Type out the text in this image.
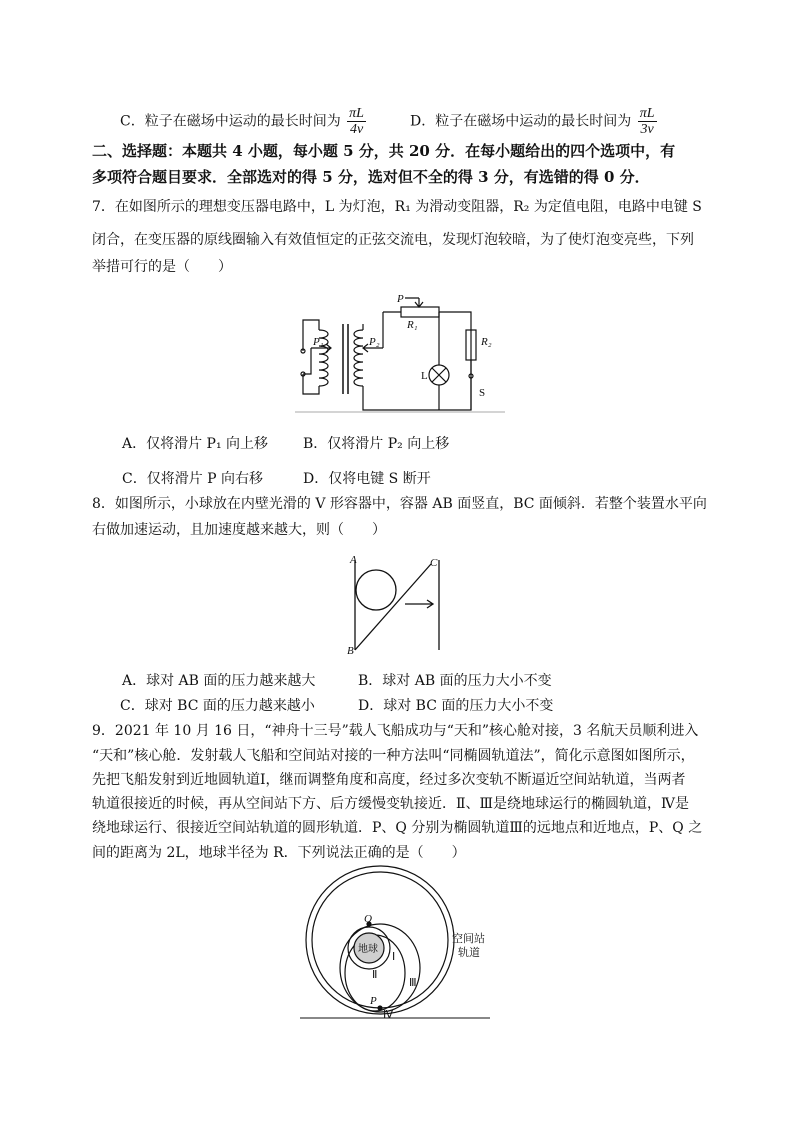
C．粒子在磁场中运动的最长时间为 $\frac{\pi L}{4v}$	D．粒子在磁场中运动的最长时间为 $\frac{\pi L}{3v}$
二、选择题：本题共 4 小题，每小题 5 分，共 20 分．在每小题给出的四个选项中，有
多项符合题目要求．全部选对的得 5 分，选对但不全的得 3 分，有选错的得 0 分．
7．在如图所示的理想变压器电路中，L 为灯泡，R₁ 为滑动变阻器，R₂ 为定值电阻，电路中电键 S
闭合，在变压器的原线圈输入有效值恒定的正弦交流电，发现灯泡较暗，为了使灯泡变亮些，下列
举措可行的是（　　）
P
R₁
P₁	P₂	R₂
L
S
A．仅将滑片 P₁ 向上移 B．仅将滑片 P₂ 向上移
C．仅将滑片 P 向右移	D．仅将电键 S 断开
8．如图所示，小球放在内壁光滑的 V 形容器中，容器 AB 面竖直，BC 面倾斜．若整个装置水平向
右做加速运动，且加速度越来越大，则（　　）
A
B
C
A．球对 AB 面的压力越来越大	B．球对 AB 面的压力大小不变
C．球对 BC 面的压力越来越小	D．球对 BC 面的压力大小不变
9．2021 年 10 月 16 日，“神舟十三号”载人飞船成功与“天和”核心舱对接，3 名航天员顺利进入
“天和”核心舱．发射载人飞船和空间站对接的一种方法叫“同椭圆轨道法”，简化示意图如图所示，
先把飞船发射到近地圆轨道Ⅰ，继而调整角度和高度，经过多次变轨不断逼近空间站轨道，当两者
轨道很接近的时候，再从空间站下方、后方缓慢变轨接近．Ⅱ、Ⅲ是绕地球运行的椭圆轨道，Ⅳ是
绕地球运行、很接近空间站轨道的圆形轨道．P、Q 分别为椭圆轨道Ⅲ的远地点和近地点，P、Q 之
间的距离为 2L，地球半径为 R．下列说法正确的是（　　）
Q
P
地球
Ⅰ
Ⅱ
Ⅲ
Ⅳ
空间站
轨道
